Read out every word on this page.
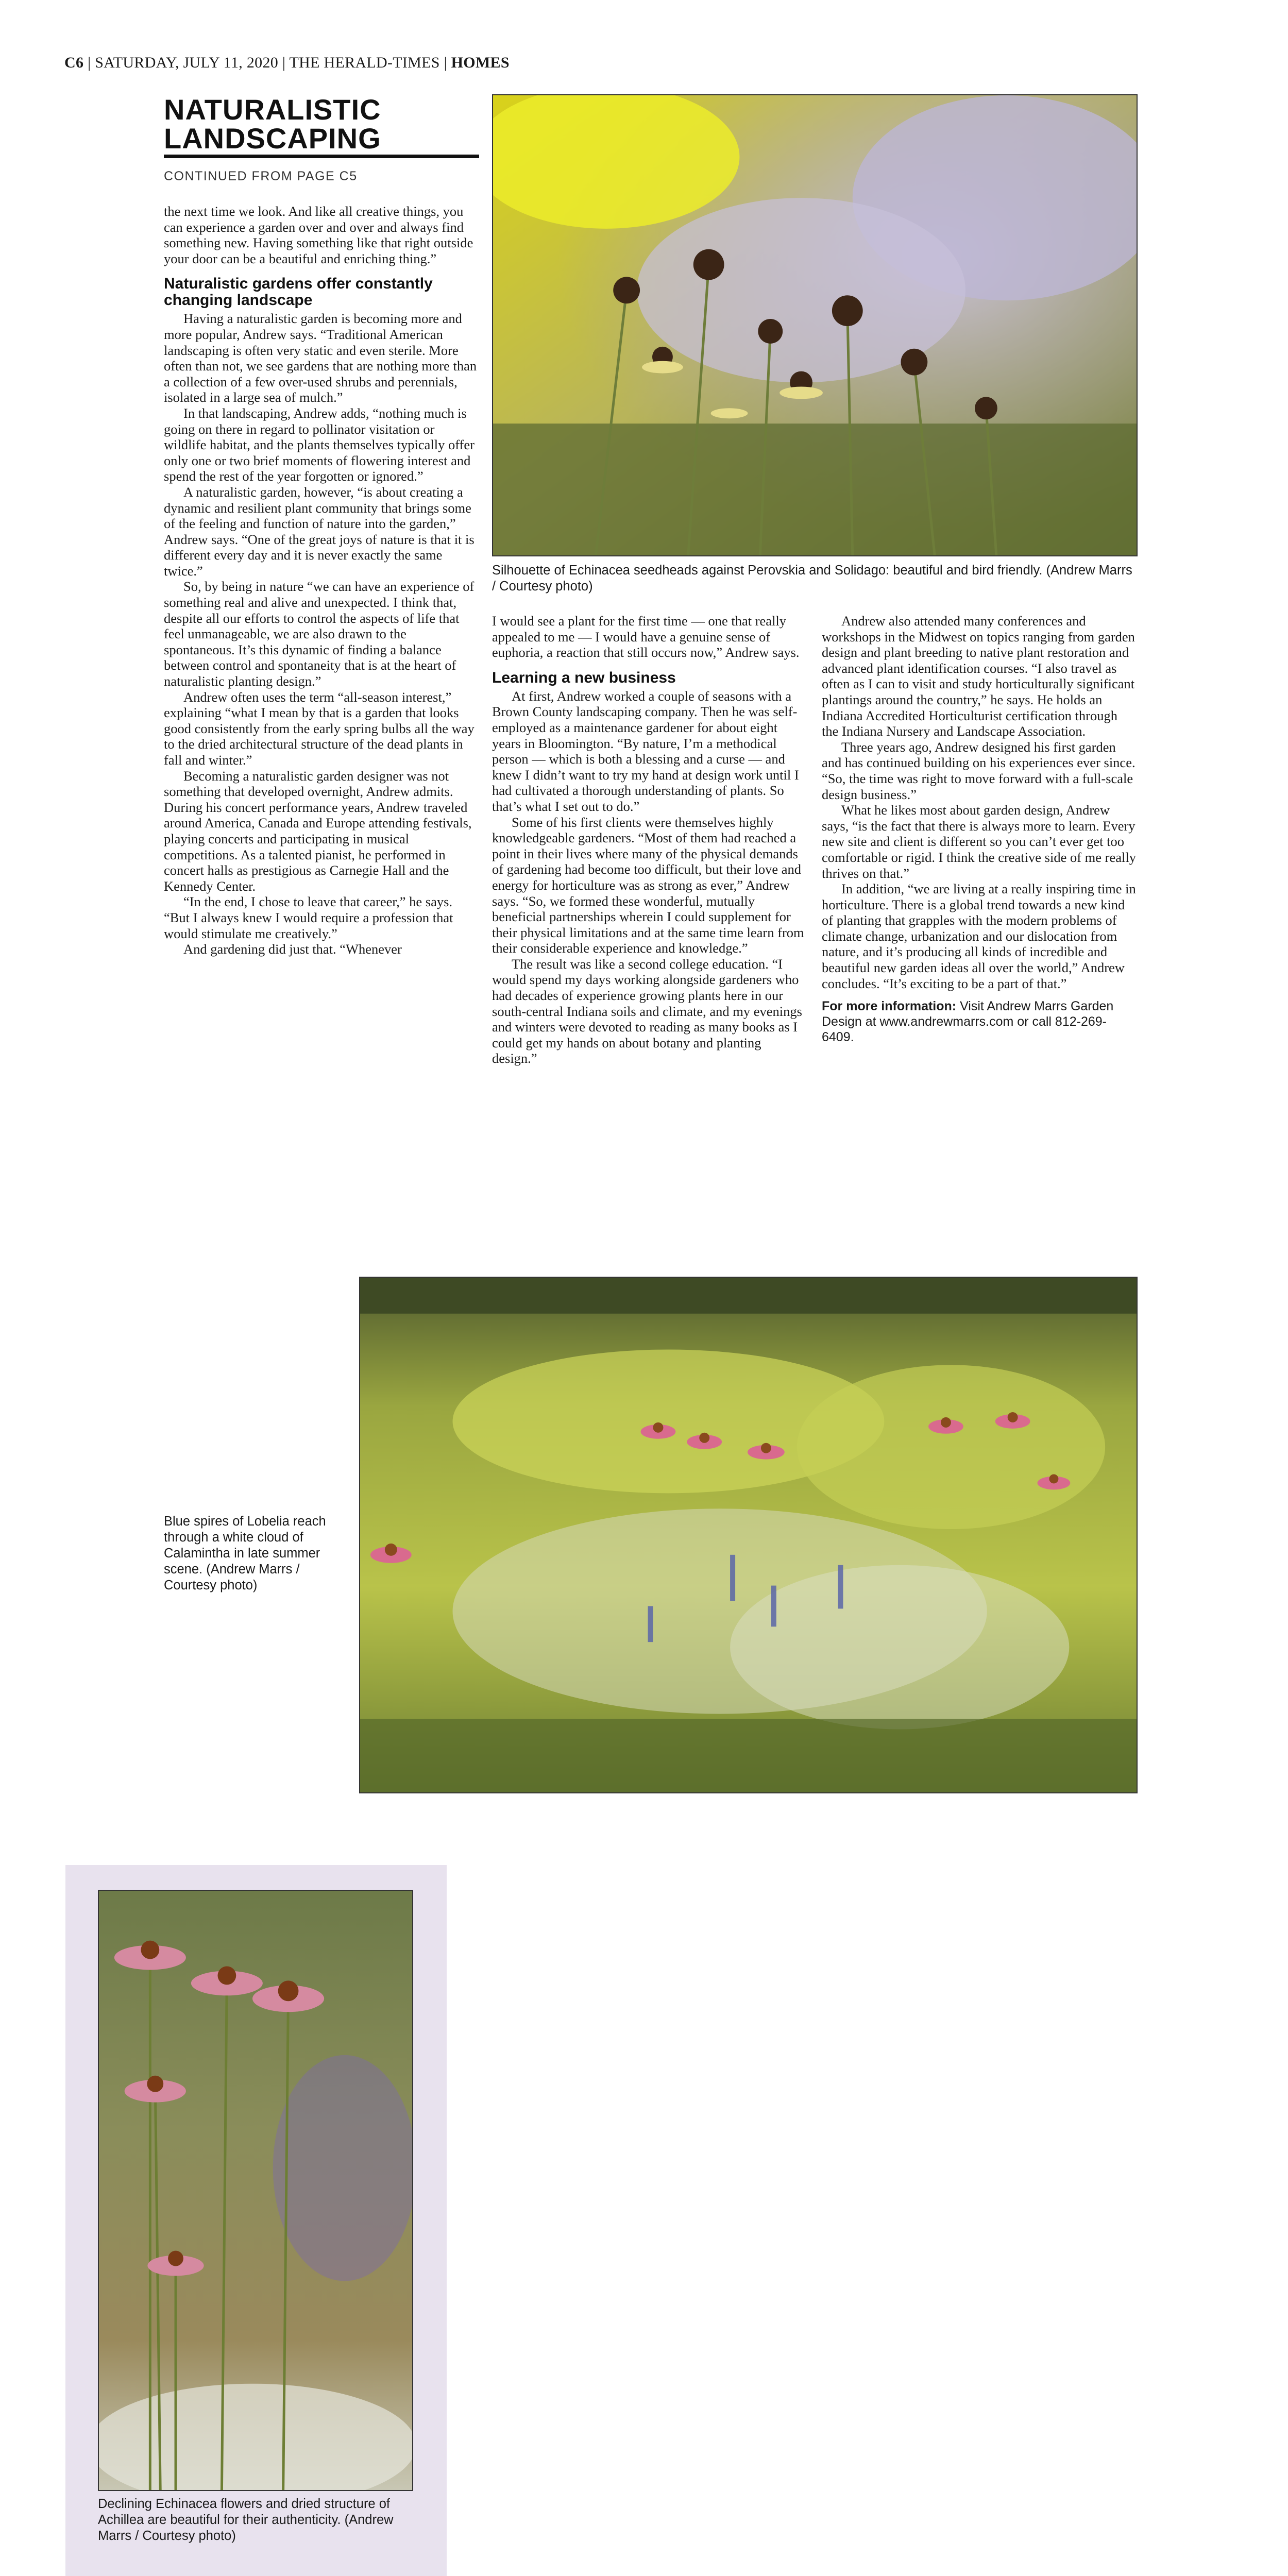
C6 | SATURDAY, JULY 11, 2020 | THE HERALD-TIMES | HOMES
NATURALISTIC
LANDSCAPING
CONTINUED FROM PAGE C5

the next time we look. And like all creative things, you can experience a garden over and over and always find something new. Having something like that right outside your door can be a beautiful and enriching thing.”

Naturalistic gardens offer constantly changing landscape

Having a naturalistic garden is becoming more and more popular, Andrew says. “Traditional American landscaping is often very static and even sterile. More often than not, we see gardens that are nothing more than a collection of a few over-used shrubs and perennials, isolated in a large sea of mulch.”

In that landscaping, Andrew adds, “nothing much is going on there in regard to pollinator visitation or wildlife habitat, and the plants themselves typically offer only one or two brief moments of flowering interest and spend the rest of the year forgotten or ignored.”

A naturalistic garden, however, “is about creating a dynamic and resilient plant community that brings some of the feeling and function of nature into the garden,” Andrew says. “One of the great joys of nature is that it is different every day and it is never exactly the same twice.”

So, by being in nature “we can have an experience of something real and alive and unexpected. I think that, despite all our efforts to control the aspects of life that feel unmanageable, we are also drawn to the spontaneous. It’s this dynamic of finding a balance between control and spontaneity that is at the heart of naturalistic planting design.”

Andrew often uses the term “all-season interest,” explaining “what I mean by that is a garden that looks good consistently from the early spring bulbs all the way to the dried architectural structure of the dead plants in fall and winter.”

Becoming a naturalistic garden designer was not something that developed overnight, Andrew admits. During his concert performance years, Andrew traveled around America, Canada and Europe attending festivals, playing concerts and participating in musical competitions. As a talented pianist, he performed in concert halls as prestigious as Carnegie Hall and the Kennedy Center.

“In the end, I chose to leave that career,” he says. “But I always knew I would require a profession that would stimulate me creatively.”

And gardening did just that. “Whenever

Silhouette of Echinacea seedheads against Perovskia and Solidago: beautiful and bird friendly. (Andrew Marrs / Courtesy photo)

I would see a plant for the first time — one that really appealed to me — I would have a genuine sense of euphoria, a reaction that still occurs now,” Andrew says.

Learning a new business

At first, Andrew worked a couple of seasons with a Brown County landscaping company. Then he was self-employed as a maintenance gardener for about eight years in Bloomington. “By nature, I’m a methodical person — which is both a blessing and a curse — and knew I didn’t want to try my hand at design work until I had cultivated a thorough understanding of plants. So that’s what I set out to do.”

Some of his first clients were themselves highly knowledgeable gardeners. “Most of them had reached a point in their lives where many of the physical demands of gardening had become too difficult, but their love and energy for horticulture was as strong as ever,” Andrew says. “So, we formed these wonderful, mutually beneficial partnerships wherein I could supplement for their physical limitations and at the same time learn from their considerable experience and knowledge.”

The result was like a second college education. “I would spend my days working alongside gardeners who had decades of experience growing plants here in our south-central Indiana soils and climate, and my evenings and winters were devoted to reading as many books as I could get my hands on about botany and planting design.”

Andrew also attended many conferences and workshops in the Midwest on topics ranging from garden design and plant breeding to native plant restoration and advanced plant identification courses. “I also travel as often as I can to visit and study horticulturally significant plantings around the country,” he says. He holds an Indiana Accredited Horticulturist certification through the Indiana Nursery and Landscape Association.

Three years ago, Andrew designed his first garden and has continued building on his experiences ever since. “So, the time was right to move forward with a full-scale design business.”

What he likes most about garden design, Andrew says, “is the fact that there is always more to learn. Every new site and client is different so you can’t ever get too comfortable or rigid. I think the creative side of me really thrives on that.”

In addition, “we are living at a really inspiring time in horticulture. There is a global trend towards a new kind of planting that grapples with the modern problems of climate change, urbanization and our dislocation from nature, and it’s producing all kinds of incredible and beautiful new garden ideas all over the world,” Andrew concludes. “It’s exciting to be a part of that.”

For more information: Visit Andrew Marrs Garden Design at www.andrewmarrs.com or call 812-269-6409.
Blue spires of Lobelia reach through a white cloud of Calamintha in late summer scene. (Andrew Marrs / Courtesy photo)
Declining Echinacea flowers and dried structure of Achillea are beautiful for their authenticity. (Andrew Marrs / Courtesy photo)
